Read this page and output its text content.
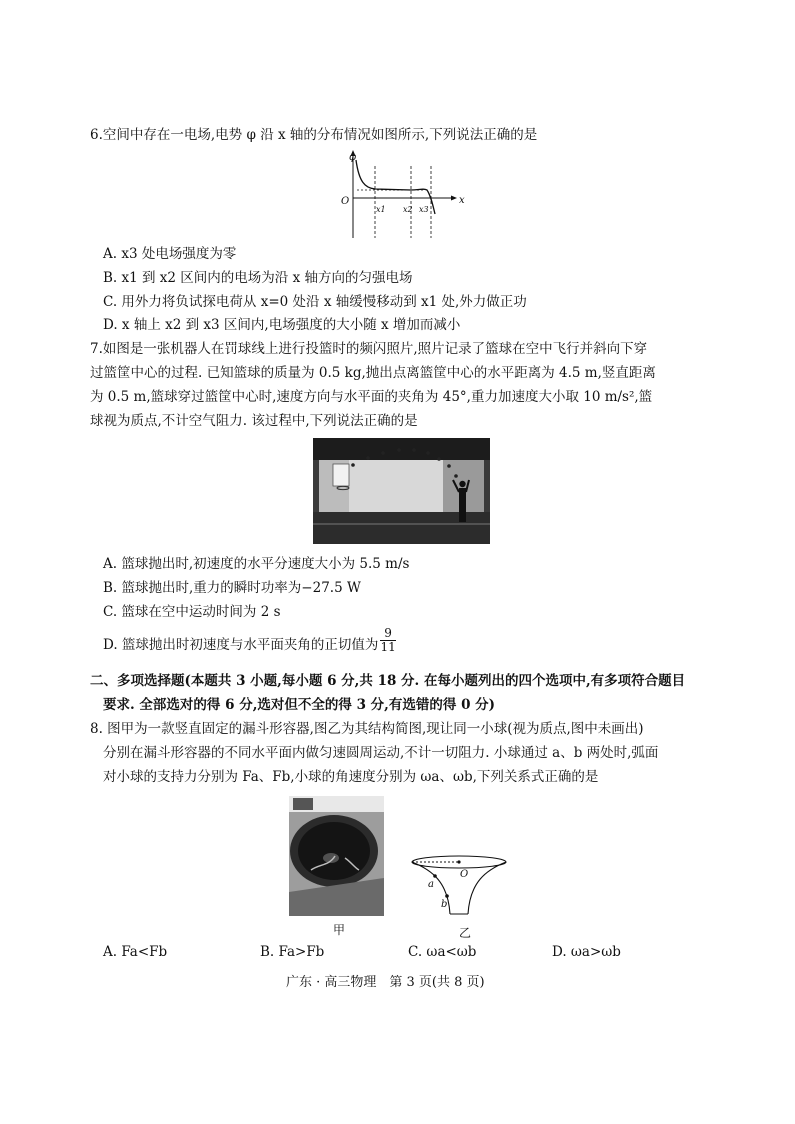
6.空间中存在一电场,电势 φ 沿 x 轴的分布情况如图所示,下列说法正确的是
φ
O	x
x1 x2 x3
A. x3 处电场强度为零
B. x1 到 x2 区间内的电场为沿 x 轴方向的匀强电场
C. 用外力将负试探电荷从 x=0 处沿 x 轴缓慢移动到 x1 处,外力做正功
D. x 轴上 x2 到 x3 区间内,电场强度的大小随 x 增加而减小
7.如图是一张机器人在罚球线上进行投篮时的频闪照片,照片记录了篮球在空中飞行并斜向下穿
过篮筐中心的过程. 已知篮球的质量为 0.5 kg,抛出点离篮筐中心的水平距离为 4.5 m,竖直距离
为 0.5 m,篮球穿过篮筐中心时,速度方向与水平面的夹角为 45°,重力加速度大小取 10 m/s²,篮
球视为质点,不计空气阻力. 该过程中,下列说法正确的是
A. 篮球抛出时,初速度的水平分速度大小为 5.5 m/s
B. 篮球抛出时,重力的瞬时功率为−27.5 W
C. 篮球在空中运动时间为 2 s
D. 篮球抛出时初速度与水平面夹角的正切值为 $\frac{9}{11}$
二、多项选择题(本题共 3 小题,每小题 6 分,共 18 分. 在每小题列出的四个选项中,有多项符合题目
要求. 全部选对的得 6 分,选对但不全的得 3 分,有选错的得 0 分)
8. 图甲为一款竖直固定的漏斗形容器,图乙为其结构简图,现让同一小球(视为质点,图中未画出)
分别在漏斗形容器的不同水平面内做匀速圆周运动,不计一切阻力. 小球通过 a、b 两处时,弧面
对小球的支持力分别为 Fa、Fb,小球的角速度分别为 ωa、ωb,下列关系式正确的是
O
a
b
甲	乙
A. Fa<Fb	B. Fa>Fb	C. ωa<ωb	D. ωa>ωb
广东 · 高三物理　第 3 页(共 8 页)
